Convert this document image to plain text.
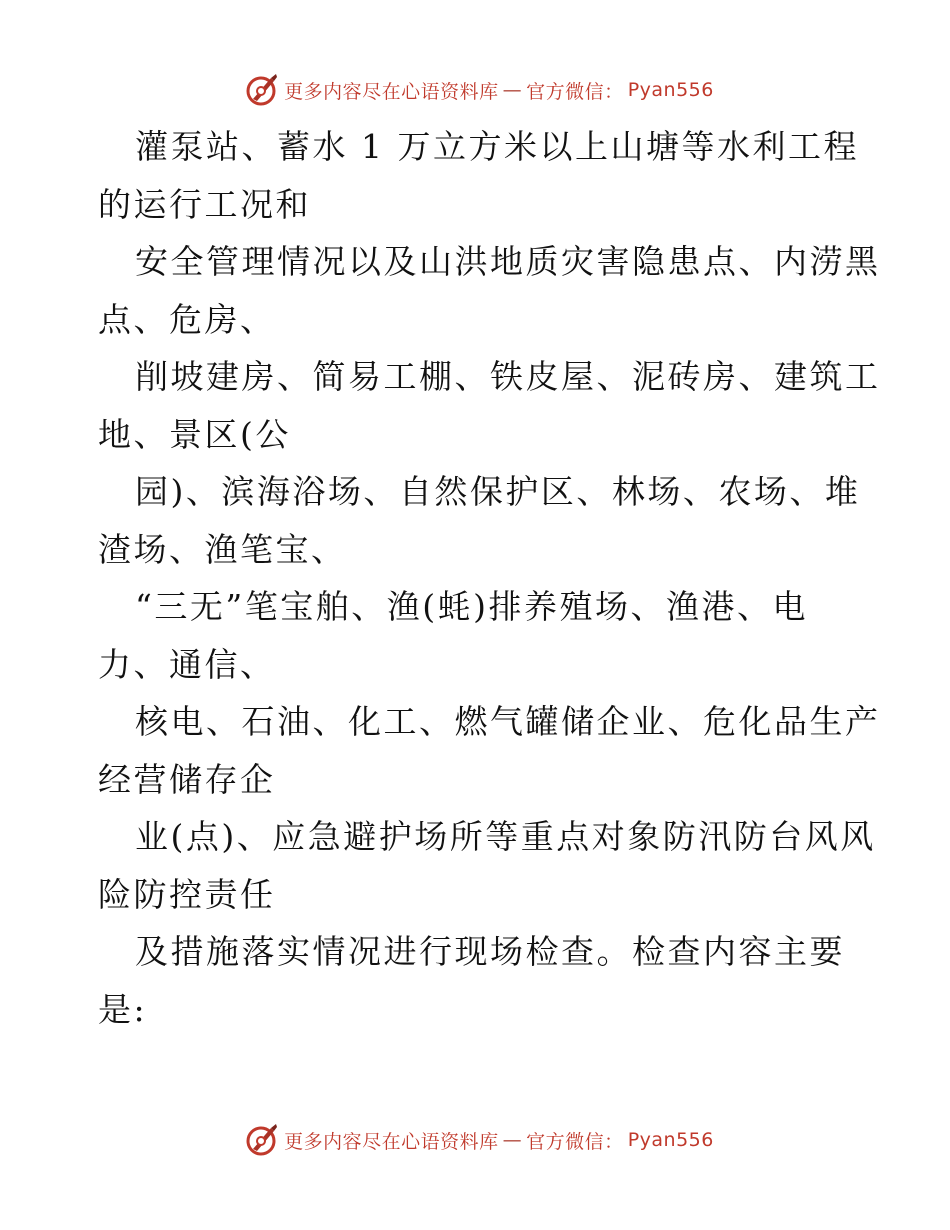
更多内容尽在心语资料库 — 官方微信： Pyan556
灌泵站、蓄水 1 万立方米以上山塘等水利工程
的运行工况和
安全管理情况以及山洪地质灾害隐患点、内涝黑
点、危房、
削坡建房、简易工棚、铁皮屋、泥砖房、建筑工
地、景区(公
园)、滨海浴场、自然保护区、林场、农场、堆
渣场、渔笔宝、
“三无”笔宝舶、渔(蚝)排养殖场、渔港、电
力、通信、
核电、石油、化工、燃气罐储企业、危化品生产
经营储存企
业(点)、应急避护场所等重点对象防汛防台风风
险防控责任
及措施落实情况进行现场检查。检查内容主要
是:
更多内容尽在心语资料库 — 官方微信： Pyan556
